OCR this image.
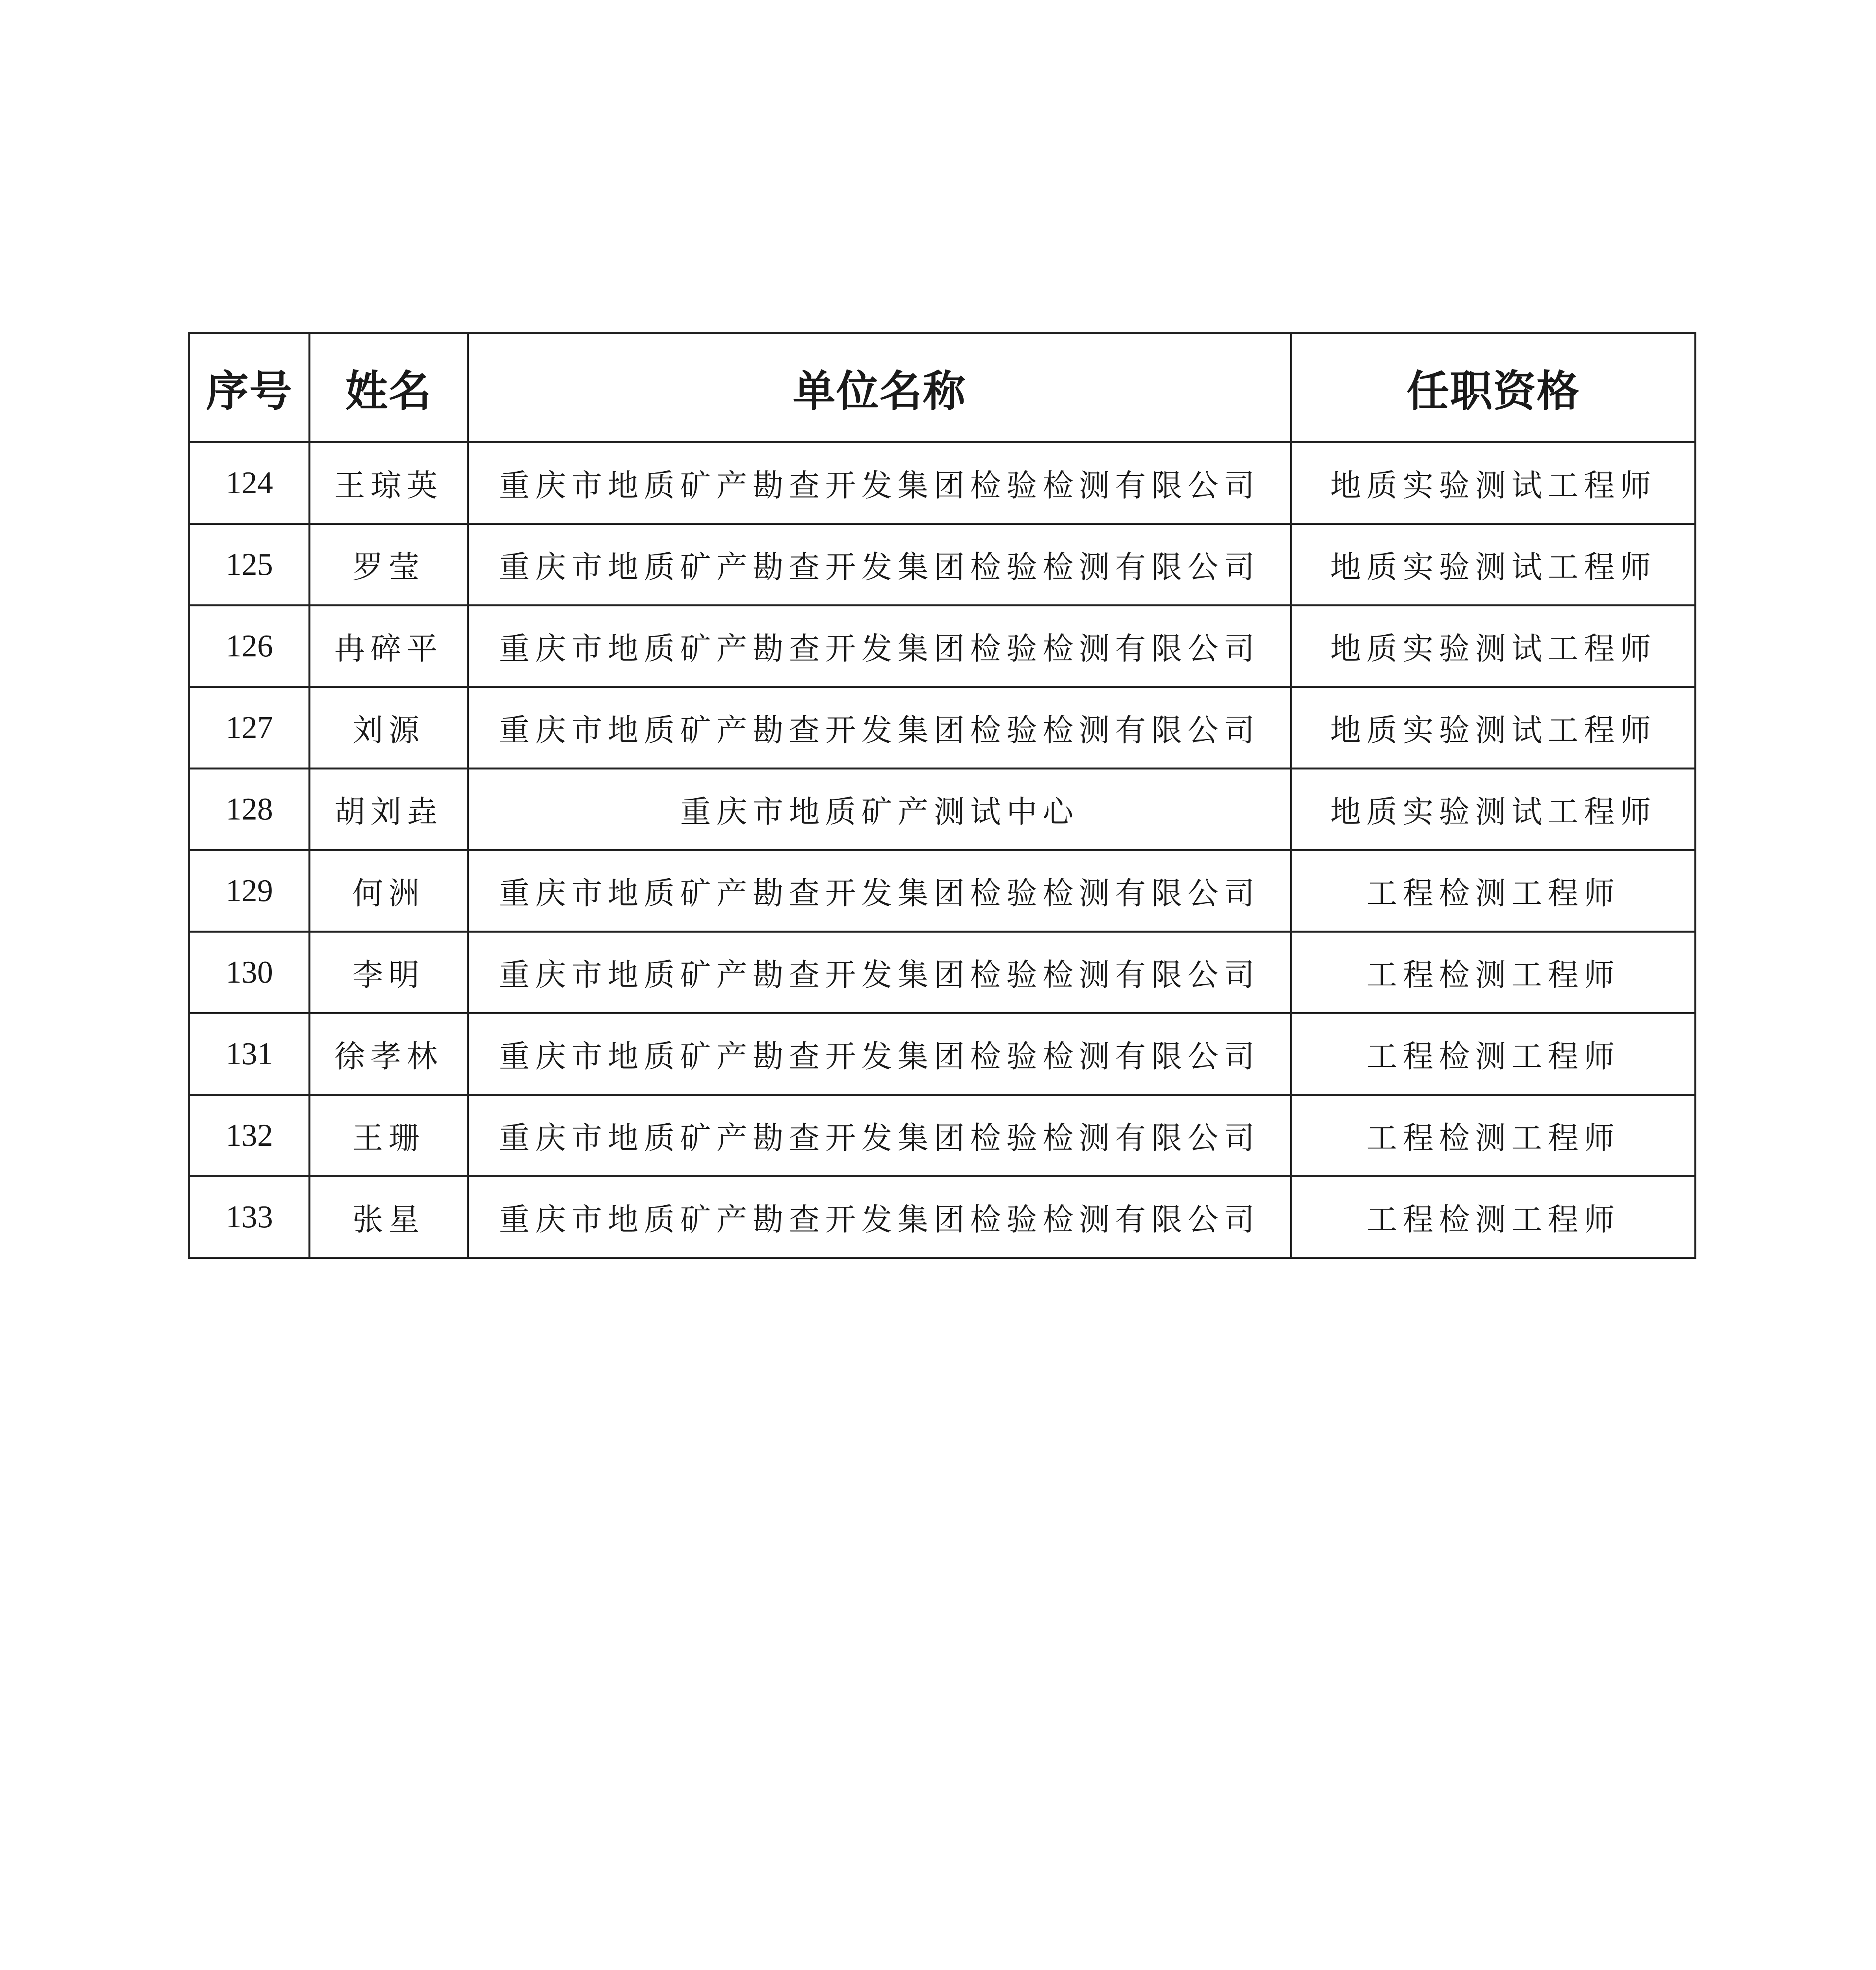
序号	姓名	单位名称	任职资格
124	王琼英	重庆市地质矿产勘查开发集团检验检测有限公司	地质实验测试工程师
125	罗莹	重庆市地质矿产勘查开发集团检验检测有限公司	地质实验测试工程师
126	冉碎平	重庆市地质矿产勘查开发集团检验检测有限公司	地质实验测试工程师
127	刘源	重庆市地质矿产勘查开发集团检验检测有限公司	地质实验测试工程师
128	胡刘垚	重庆市地质矿产测试中心	地质实验测试工程师
129	何洲	重庆市地质矿产勘查开发集团检验检测有限公司	工程检测工程师
130	李明	重庆市地质矿产勘查开发集团检验检测有限公司	工程检测工程师
131	徐孝林	重庆市地质矿产勘查开发集团检验检测有限公司	工程检测工程师
132	王珊	重庆市地质矿产勘查开发集团检验检测有限公司	工程检测工程师
133	张星	重庆市地质矿产勘查开发集团检验检测有限公司	工程检测工程师
